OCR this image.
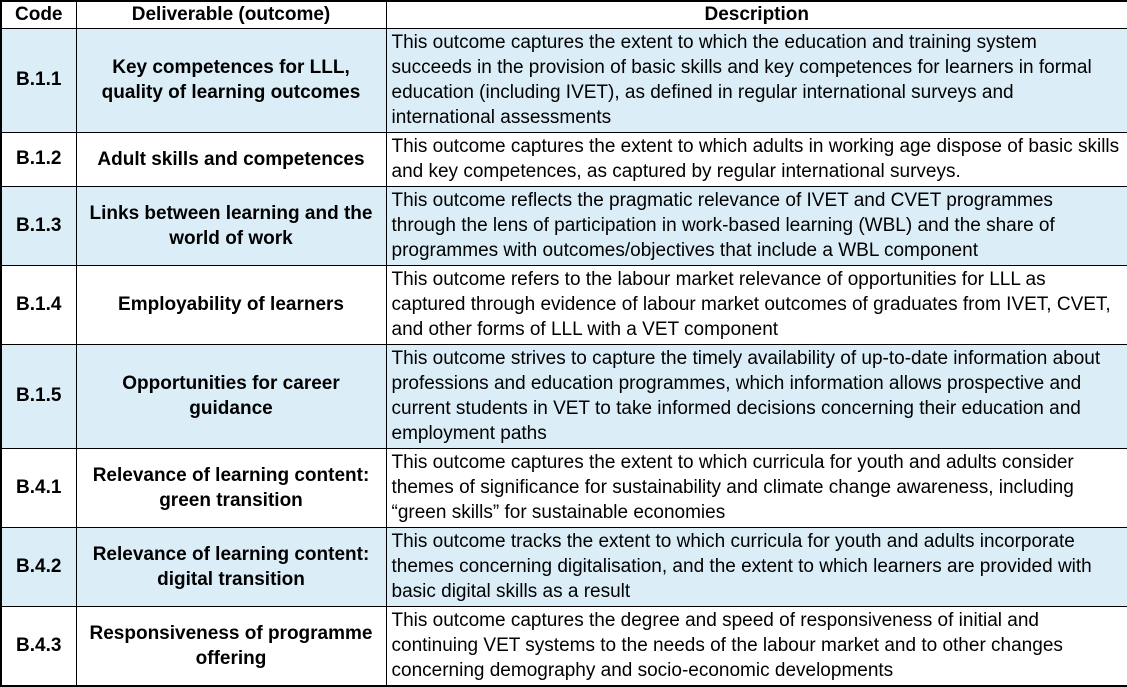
Code	Deliverable (outcome)	Description
B.1.1	Key competences for LLL, quality of learning outcomes	This outcome captures the extent to which the education and training system succeeds in the provision of basic skills and key competences for learners in formal education (including IVET), as defined in regular international surveys and international assessments
B.1.2	Adult skills and competences	This outcome captures the extent to which adults in working age dispose of basic skills and key competences, as captured by regular international surveys.
B.1.3	Links between learning and the world of work	This outcome reflects the pragmatic relevance of IVET and CVET programmes through the lens of participation in work-based learning (WBL) and the share of programmes with outcomes/objectives that include a WBL component
B.1.4	Employability of learners	This outcome refers to the labour market relevance of opportunities for LLL as captured through evidence of labour market outcomes of graduates from IVET, CVET, and other forms of LLL with a VET component
B.1.5	Opportunities for career guidance	This outcome strives to capture the timely availability of up-to-date information about professions and education programmes, which information allows prospective and current students in VET to take informed decisions concerning their education and employment paths
B.4.1	Relevance of learning content: green transition	This outcome captures the extent to which curricula for youth and adults consider themes of significance for sustainability and climate change awareness, including “green skills” for sustainable economies
B.4.2	Relevance of learning content: digital transition	This outcome tracks the extent to which curricula for youth and adults incorporate themes concerning digitalisation, and the extent to which learners are provided with basic digital skills as a result
B.4.3	Responsiveness of programme offering	This outcome captures the degree and speed of responsiveness of initial and continuing VET systems to the needs of the labour market and to other changes concerning demography and socio-economic developments
